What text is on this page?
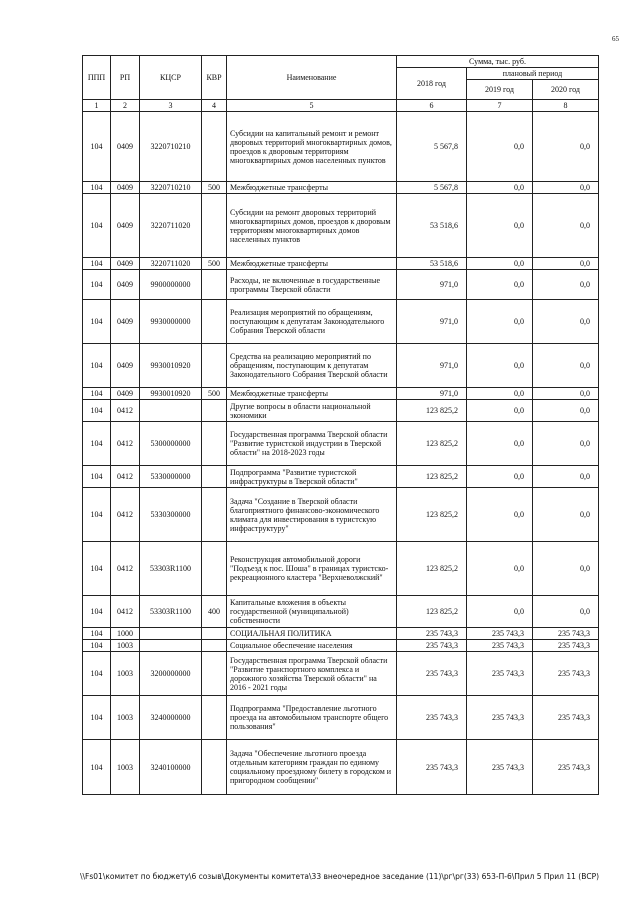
65
ППП	РП	КЦСР	КВР	Наименование	Сумма, тыс. руб.		
					2018 год	плановый период	
						2019 год	2020 год
1	2	3	4	5	6	7	8
104	0409	3220710210		Субсидии на капитальный ремонт и ремонт дворовых территорий многоквартирных домов, проездов к дворовым территориям многоквартирных домов населенных пунктов	5 567,8	0,0	0,0
104	0409	3220710210	500	Межбюджетные трансферты	5 567,8	0,0	0,0
104	0409	3220711020		Субсидии на ремонт дворовых территорий многоквартирных домов, проездов к дворовым территориям многоквартирных домов населенных пунктов	53 518,6	0,0	0,0
104	0409	3220711020	500	Межбюджетные трансферты	53 518,6	0,0	0,0
104	0409	9900000000		Расходы, не включенные в государственные программы Тверской области	971,0	0,0	0,0
104	0409	9930000000		Реализация мероприятий по обращениям, поступающим к депутатам Законодательного Собрания Тверской области	971,0	0,0	0,0
104	0409	9930010920		Средства на реализацию мероприятий по обращениям, поступающим к депутатам Законодательного Собрания Тверской области	971,0	0,0	0,0
104	0409	9930010920	500	Межбюджетные трансферты	971,0	0,0	0,0
104	0412			Другие вопросы в области национальной экономики	123 825,2	0,0	0,0
104	0412	5300000000		Государственная программа Тверской области "Развитие туристской индустрии в Тверской области" на 2018-2023 годы	123 825,2	0,0	0,0
104	0412	5330000000		Подпрограмма "Развитие туристской инфраструктуры в Тверской области"	123 825,2	0,0	0,0
104	0412	5330300000		Задача "Создание в Тверской области благоприятного финансово-экономического климата для инвестирования в туристскую инфраструктуру"	123 825,2	0,0	0,0
104	0412	53303R1100		Реконструкция автомобильной дороги "Подъезд к пос. Шоша" в границах туристско-рекреационного кластера "Верхневолжский"	123 825,2	0,0	0,0
104	0412	53303R1100	400	Капитальные вложения в объекты государственной (муниципальной) собственности	123 825,2	0,0	0,0
104	1000			СОЦИАЛЬНАЯ ПОЛИТИКА	235 743,3	235 743,3	235 743,3
104	1003			Социальное обеспечение населения	235 743,3	235 743,3	235 743,3
104	1003	3200000000		Государственная программа Тверской области "Развитие транспортного комплекса и дорожного хозяйства Тверской области" на 2016 - 2021 годы	235 743,3	235 743,3	235 743,3
104	1003	3240000000		Подпрограмма "Предоставление льготного проезда на автомобильном транспорте общего пользования"	235 743,3	235 743,3	235 743,3
104	1003	3240100000		Задача "Обеспечение льготного проезда отдельным категориям граждан по единому социальному проездному билету в городском и пригородном сообщении"	235 743,3	235 743,3	235 743,3
\\Fs01\комитет по бюджету\6 созыв\Документы комитета\33 внеочередное заседание (11)\рг\рг(33) 653-П-6\Прил 5 Прил 11 (ВСР)
